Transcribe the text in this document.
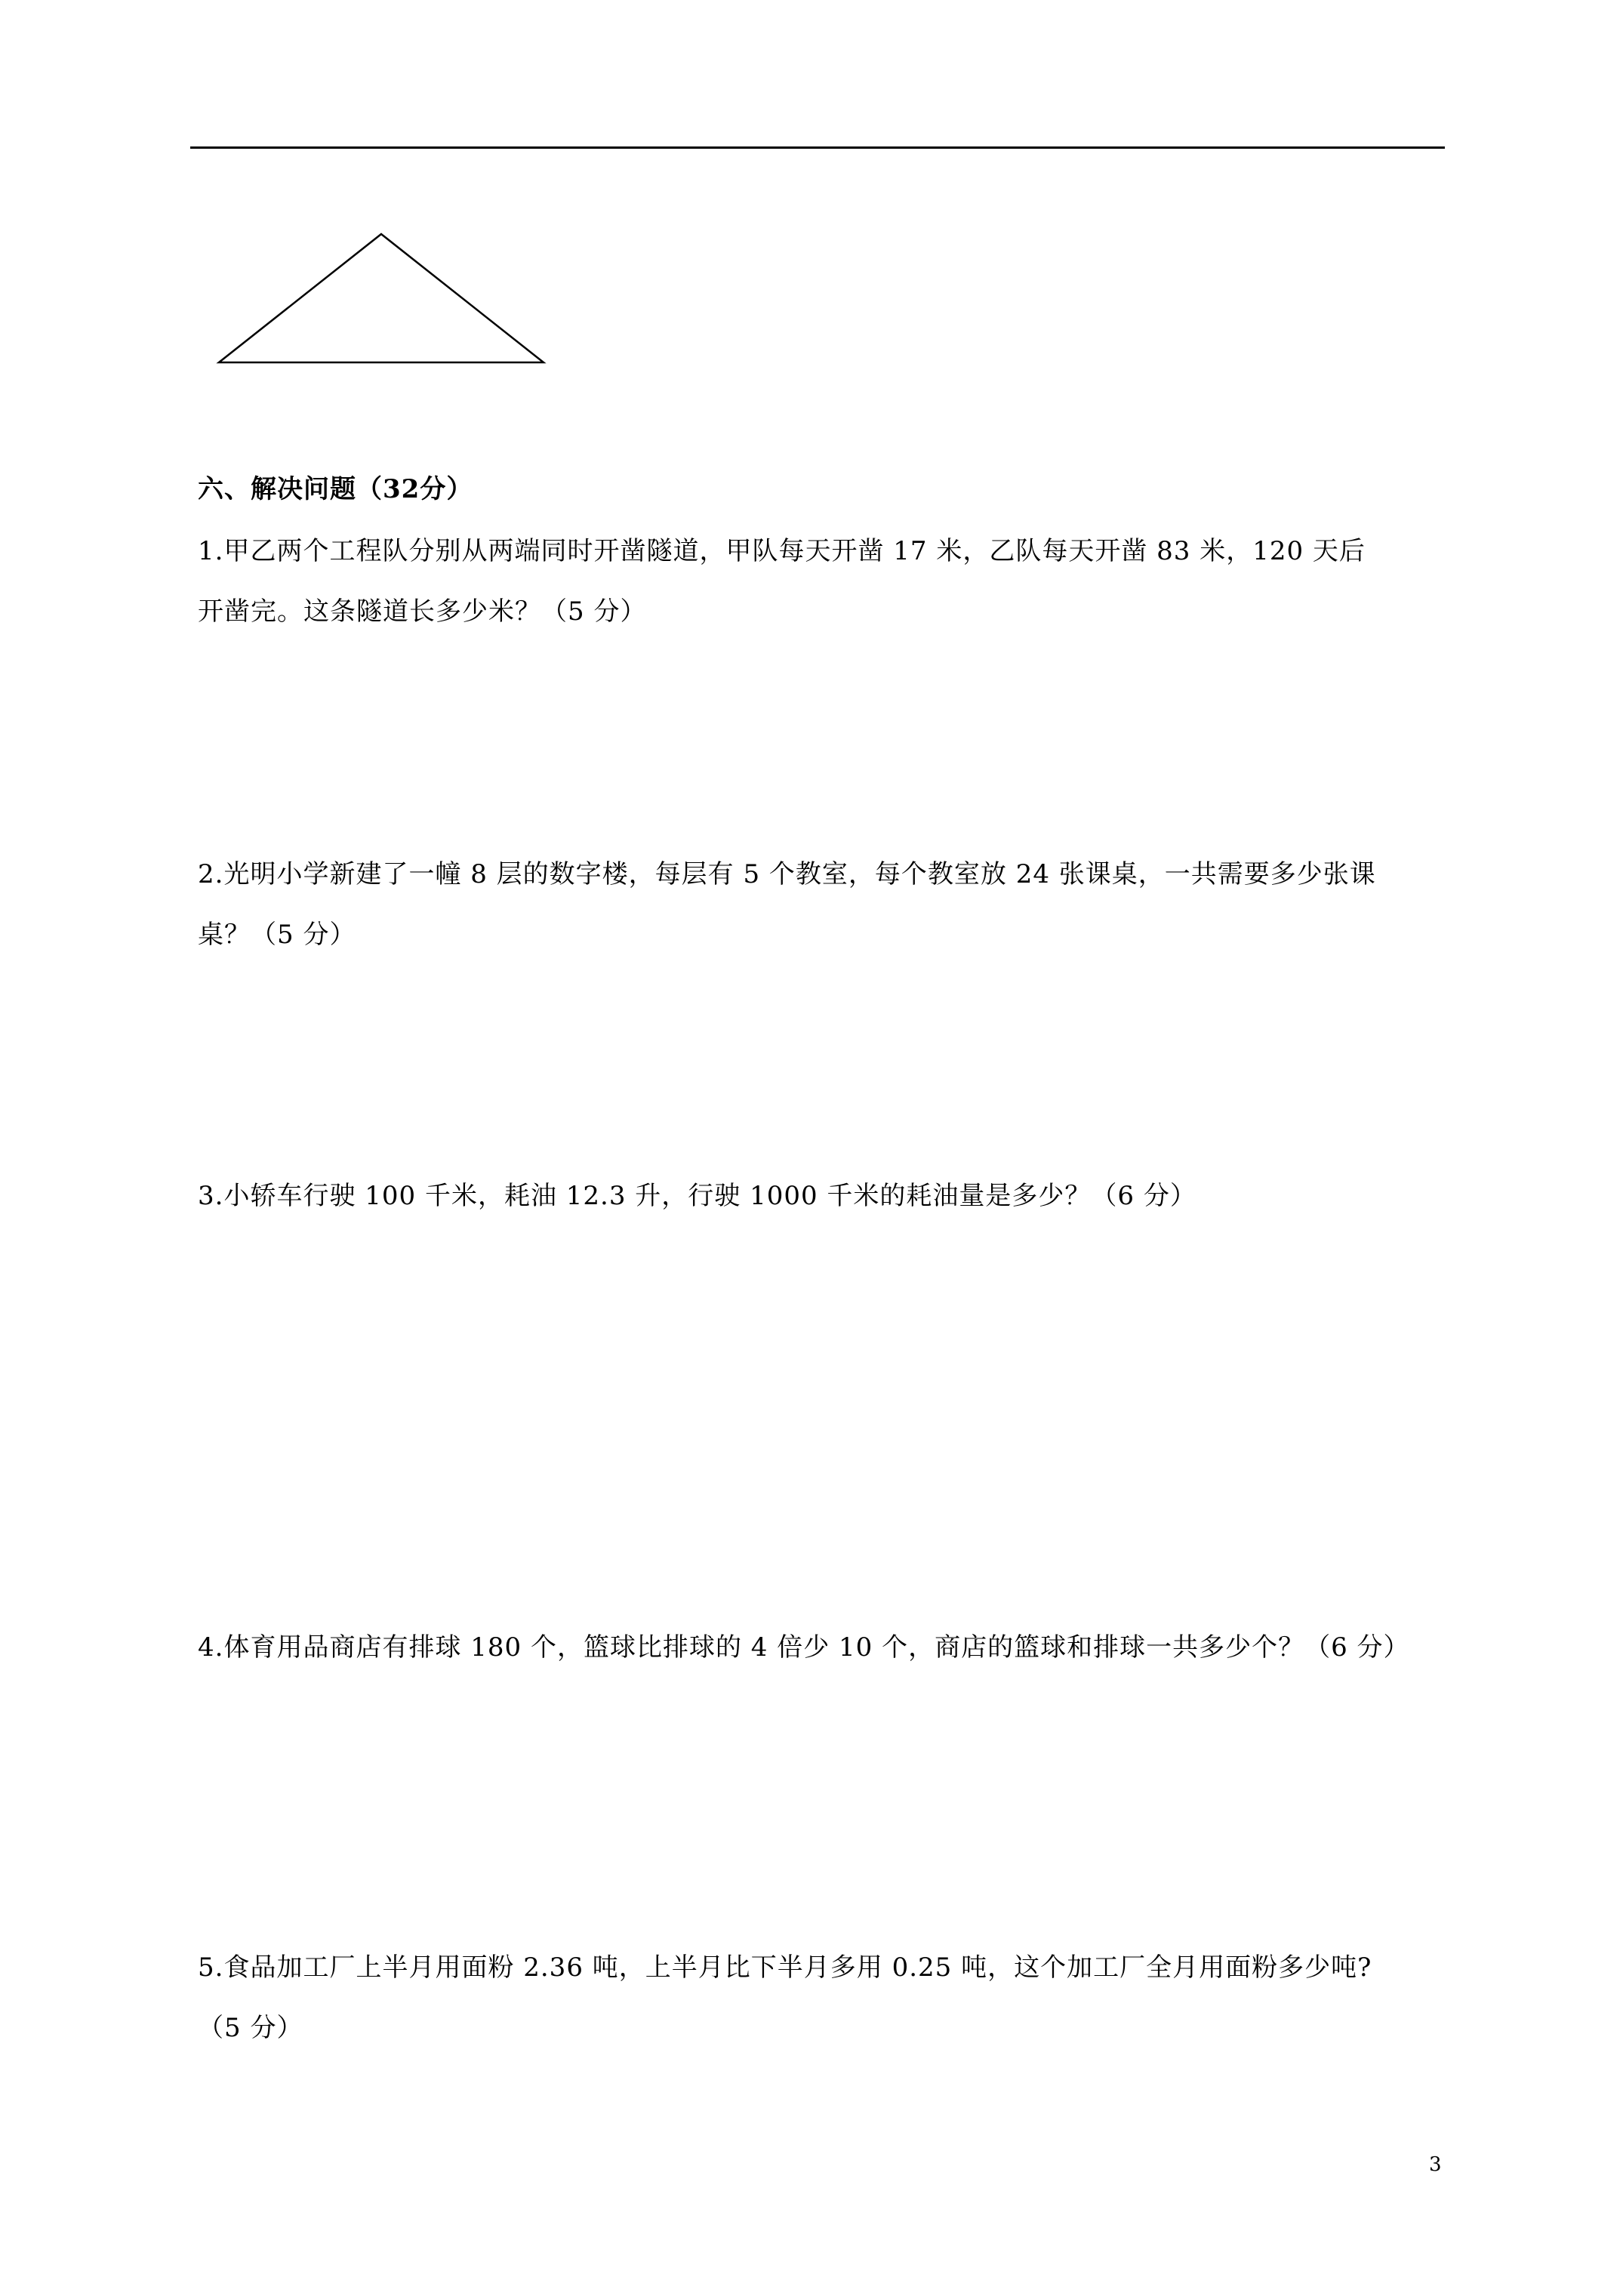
六、解决问题（32分）
1.甲乙两个工程队分别从两端同时开凿隧道，甲队每天开凿 17 米，乙队每天开凿 83 米，120 天后
开凿完。这条隧道长多少米？（5 分）
2.光明小学新建了一幢 8 层的数字楼，每层有 5 个教室，每个教室放 24 张课桌，一共需要多少张课
桌？（5 分）
3.小轿车行驶 100 千米，耗油 12.3 升，行驶 1000 千米的耗油量是多少？（6 分）
4.体育用品商店有排球 180 个，篮球比排球的 4 倍少 10 个，商店的篮球和排球一共多少个？（6 分）
5.食品加工厂上半月用面粉 2.36 吨，上半月比下半月多用 0.25 吨，这个加工厂全月用面粉多少吨?
（5 分）
3
